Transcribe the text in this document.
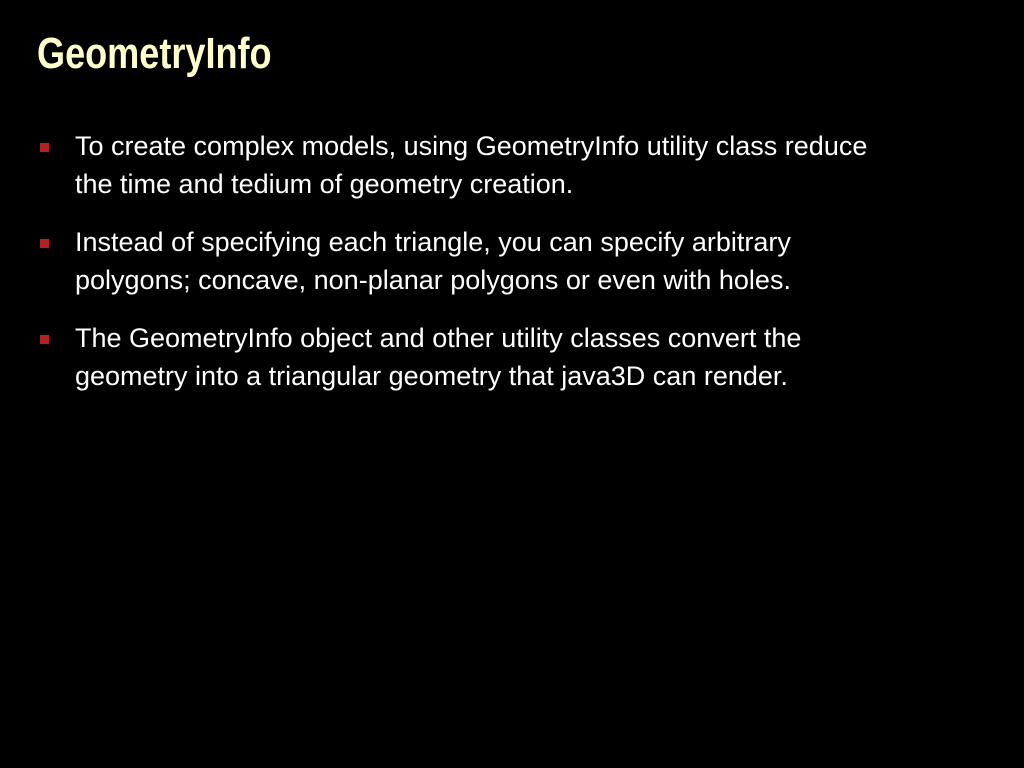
GeometryInfo
To create complex models, using GeometryInfo utility class reduce the time and tedium of geometry creation.
Instead of specifying each triangle, you can specify arbitrary polygons; concave, non-planar polygons or even with holes.
The GeometryInfo object and other utility classes convert the geometry into a triangular geometry that java3D can render.
